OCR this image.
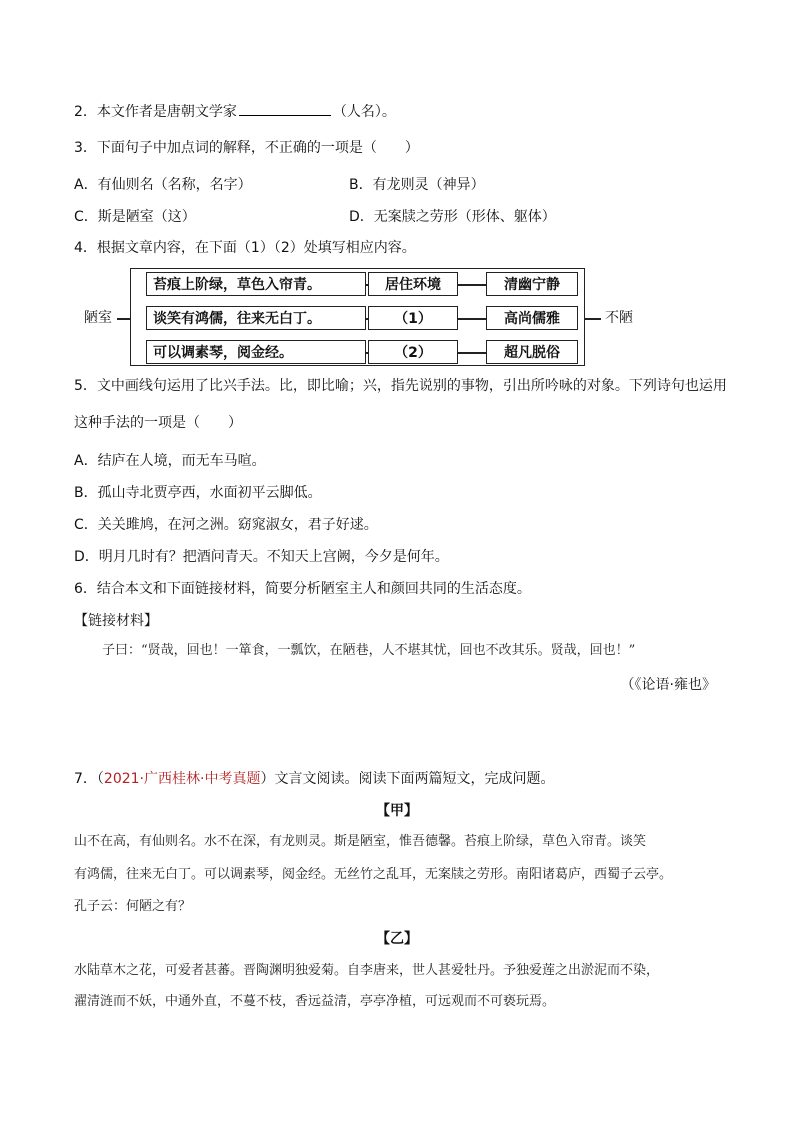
2．本文作者是唐朝文学家	（人名）。
3．下面句子中加点词的解释，不正确的一项是（　　）
A．有仙则名（名称，名字）	B．有龙则灵（神异）
C．斯是陋室（这）	D．无案牍之劳形（形体、躯体）
4．根据文章内容，在下面（1）（2）处填写相应内容。
陋室
苔痕上阶绿，草色入帘青。	居住环境	清幽宁静
谈笑有鸿儒，往来无白丁。	（1）	高尚儒雅
可以调素琴，阅金经。	（2）	超凡脱俗
不陋
5．文中画线句运用了比兴手法。比，即比喻；兴，指先说别的事物，引出所吟咏的对象。下列诗句也运用
这种手法的一项是（　　）
A．结庐在人境，而无车马喧。
B．孤山寺北贾亭西，水面初平云脚低。
C．关关雎鸠，在河之洲。窈窕淑女，君子好逑。
D．明月几时有？把酒问青天。不知天上宫阙，今夕是何年。
6．结合本文和下面链接材料，简要分析陋室主人和颜回共同的生活态度。
【链接材料】
子曰：“贤哉，回也！一箪食，一瓢饮，在陋巷，人不堪其忧，回也不改其乐。贤哉，回也！”
（《论语·雍也》
7．（2021·广西桂林·中考真题）文言文阅读。阅读下面两篇短文，完成问题。
【甲】
山不在高，有仙则名。水不在深，有龙则灵。斯是陋室，惟吾德馨。苔痕上阶绿，草色入帘青。谈笑
有鸿儒，往来无白丁。可以调素琴，阅金经。无丝竹之乱耳，无案牍之劳形。南阳诸葛庐，西蜀子云亭。
孔子云：何陋之有？
【乙】
水陆草木之花，可爱者甚蕃。晋陶渊明独爱菊。自李唐来，世人甚爱牡丹。予独爱莲之出淤泥而不染，
濯清涟而不妖，中通外直，不蔓不枝，香远益清，亭亭净植，可远观而不可亵玩焉。
